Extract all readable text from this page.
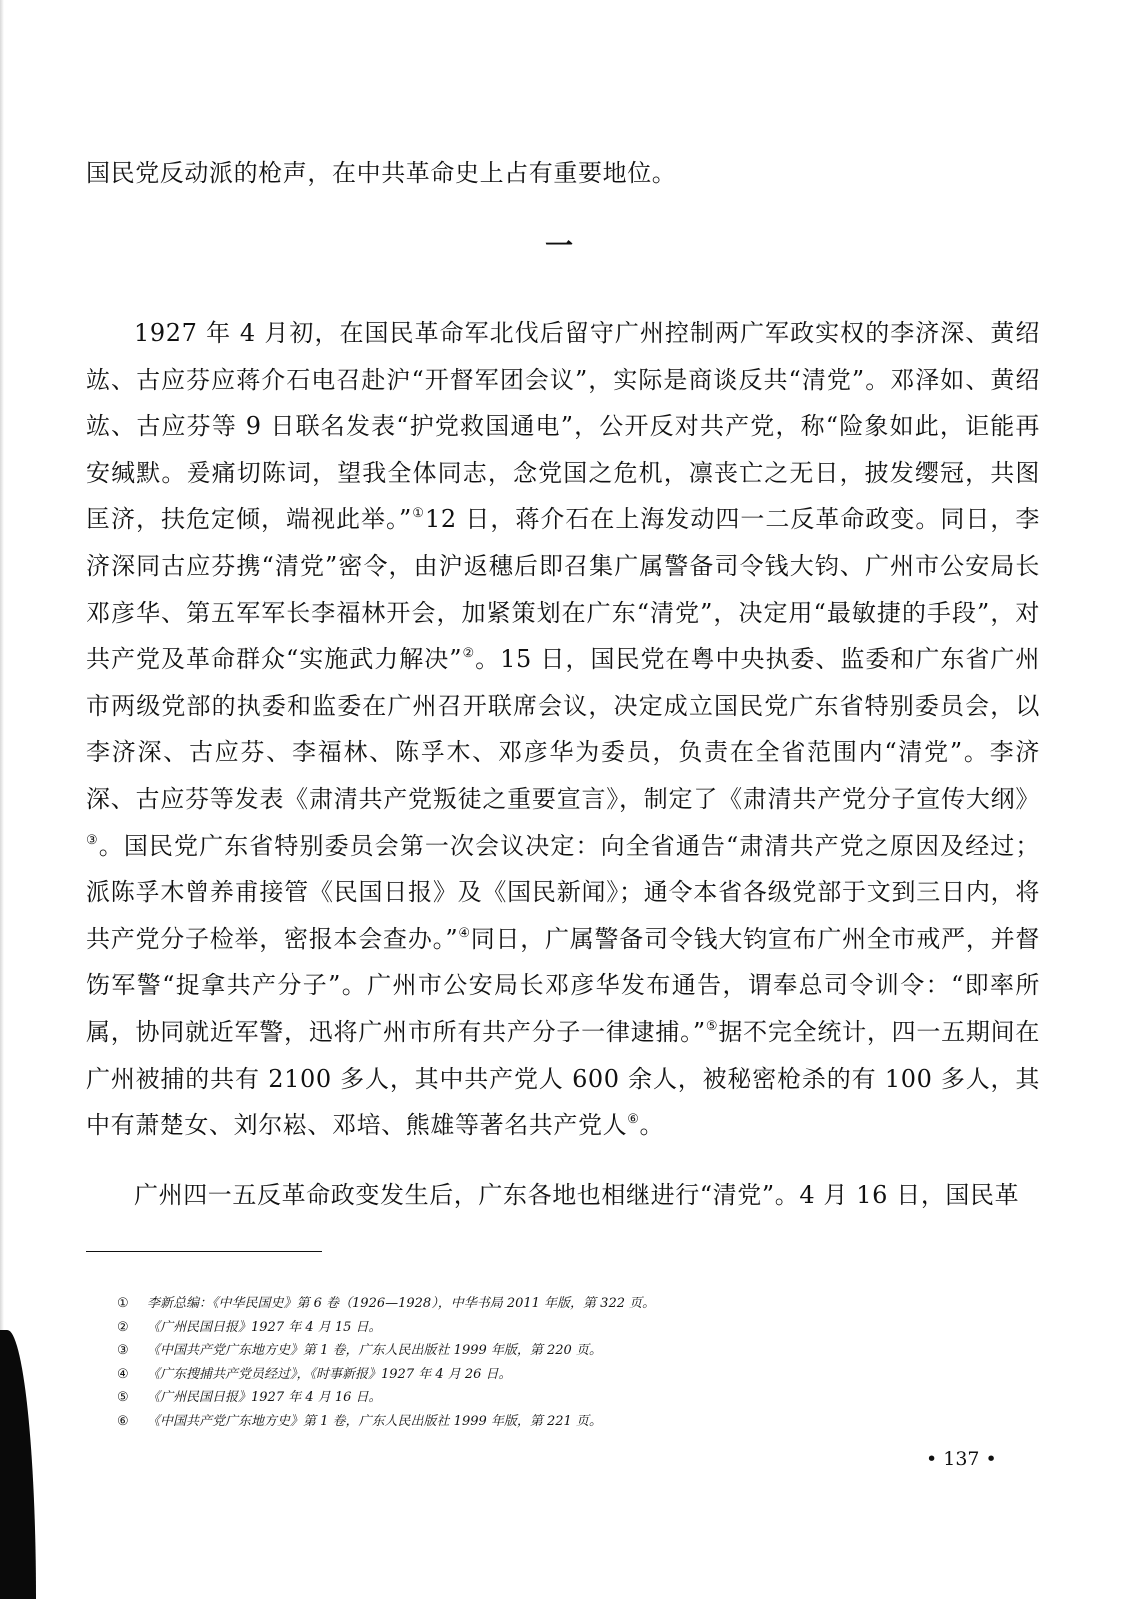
国民党反动派的枪声，在中共革命史上占有重要地位。

一

1927 年 4 月初，在国民革命军北伐后留守广州控制两广军政实权的李济深、黄绍竑、古应芬应蒋介石电召赴沪“开督军团会议”，实际是商谈反共“清党”。邓泽如、黄绍竑、古应芬等 9 日联名发表“护党救国通电”，公开反对共产党，称“险象如此，讵能再安缄默。爰痛切陈词，望我全体同志，念党国之危机，凛丧亡之无日，披发缨冠，共图匡济，扶危定倾，端视此举。”①12 日，蒋介石在上海发动四一二反革命政变。同日，李济深同古应芬携“清党”密令，由沪返穗后即召集广属警备司令钱大钧、广州市公安局长邓彦华、第五军军长李福林开会，加紧策划在广东“清党”，决定用“最敏捷的手段”，对共产党及革命群众“实施武力解决”②。15 日，国民党在粤中央执委、监委和广东省广州市两级党部的执委和监委在广州召开联席会议，决定成立国民党广东省特别委员会，以李济深、古应芬、李福林、陈孚木、邓彦华为委员，负责在全省范围内“清党”。李济深、古应芬等发表《肃清共产党叛徒之重要宣言》，制定了《肃清共产党分子宣传大纲》③。国民党广东省特别委员会第一次会议决定：向全省通告“肃清共产党之原因及经过；派陈孚木曾养甫接管《民国日报》及《国民新闻》；通令本省各级党部于文到三日内，将共产党分子检举，密报本会查办。”④同日，广属警备司令钱大钧宣布广州全市戒严，并督饬军警“捉拿共产分子”。广州市公安局长邓彦华发布通告，谓奉总司令训令：“即率所属，协同就近军警，迅将广州市所有共产分子一律逮捕。”⑤据不完全统计，四一五期间在广州被捕的共有 2100 多人，其中共产党人 600 余人，被秘密枪杀的有 100 多人，其中有萧楚女、刘尔崧、邓培、熊雄等著名共产党人⑥。

广州四一五反革命政变发生后，广东各地也相继进行“清党”。4 月 16 日，国民革

① 李新总编：《中华民国史》第 6 卷（1926—1928），中华书局 2011 年版，第 322 页。
② 《广州民国日报》1927 年 4 月 15 日。
③ 《中国共产党广东地方史》第 1 卷，广东人民出版社 1999 年版，第 220 页。
④ 《广东搜捕共产党员经过》，《时事新报》1927 年 4 月 26 日。
⑤ 《广州民国日报》1927 年 4 月 16 日。
⑥ 《中国共产党广东地方史》第 1 卷，广东人民出版社 1999 年版，第 221 页。

• 137 •
